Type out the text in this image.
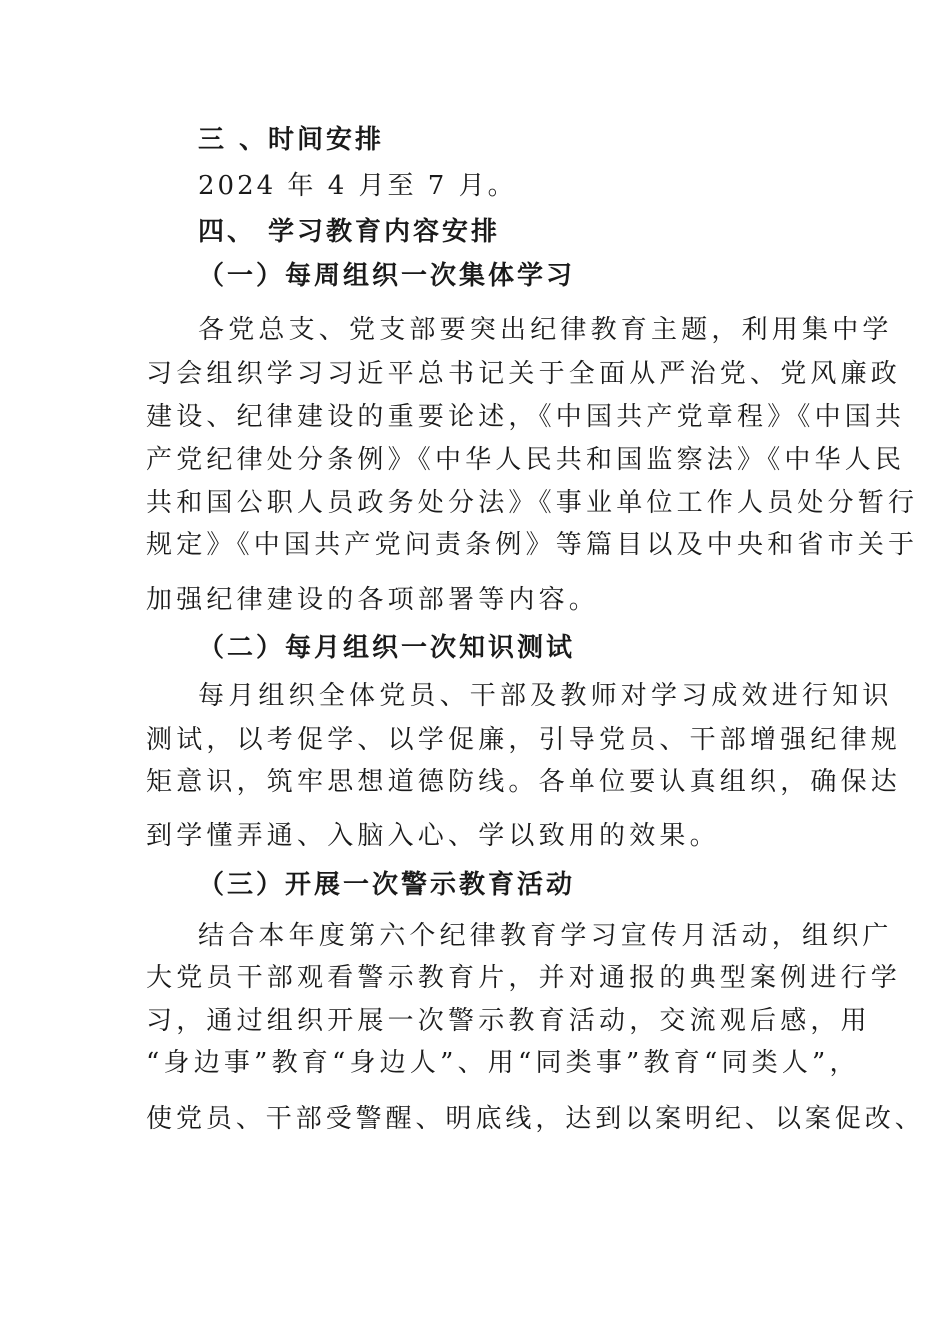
三 、时间安排
2024 年 4 月至 7 月。
四、 学习教育内容安排
（一）每周组织一次集体学习
各党总支、党支部要突出纪律教育主题，利用集中学
习会组织学习习近平总书记关于全面从严治党、党风廉政
建设、纪律建设的重要论述，《中国共产党章程》《中国共
产党纪律处分条例》《中华人民共和国监察法》《中华人民
共和国公职人员政务处分法》《事业单位工作人员处分暂行
规定》《中国共产党问责条例》等篇目以及中央和省市关于
加强纪律建设的各项部署等内容。
（二）每月组织一次知识测试
每月组织全体党员、干部及教师对学习成效进行知识
测试，以考促学、以学促廉，引导党员、干部增强纪律规
矩意识，筑牢思想道德防线。各单位要认真组织，确保达
到学懂弄通、入脑入心、学以致用的效果。
（三）开展一次警示教育活动
结合本年度第六个纪律教育学习宣传月活动，组织广
大党员干部观看警示教育片，并对通报的典型案例进行学
习，通过组织开展一次警示教育活动，交流观后感，用
“身边事”教育“身边人”、用“同类事”教育“同类人”，
使党员、干部受警醒、明底线，达到以案明纪、以案促改、
